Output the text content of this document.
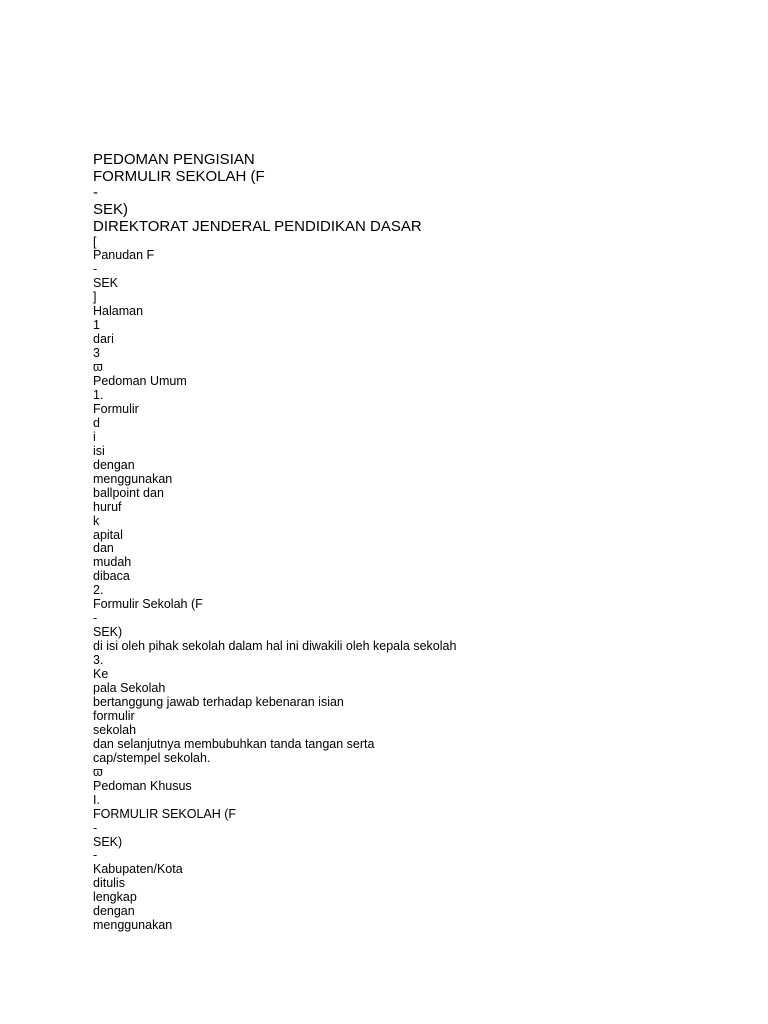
PEDOMAN PENGISIAN
FORMULIR SEKOLAH (F
-
SEK)
DIREKTORAT JENDERAL PENDIDIKAN DASAR
[
Panudan F
-
SEK
]
Halaman
1
dari
3
ϖ
Pedoman Umum
1.
Formulir
d
i
isi
dengan
menggunakan
ballpoint dan
huruf
k
apital
dan
mudah
dibaca
2.
Formulir Sekolah (F
-
SEK)
di isi oleh pihak sekolah dalam hal ini diwakili oleh kepala sekolah
3.
Ke
pala Sekolah
bertanggung jawab terhadap kebenaran isian
formulir
sekolah
dan selanjutnya membubuhkan tanda tangan serta
cap/stempel sekolah.
ϖ
Pedoman Khusus
I.
FORMULIR SEKOLAH (F
-
SEK)
-
Kabupaten/Kota
ditulis
lengkap
dengan
menggunakan
